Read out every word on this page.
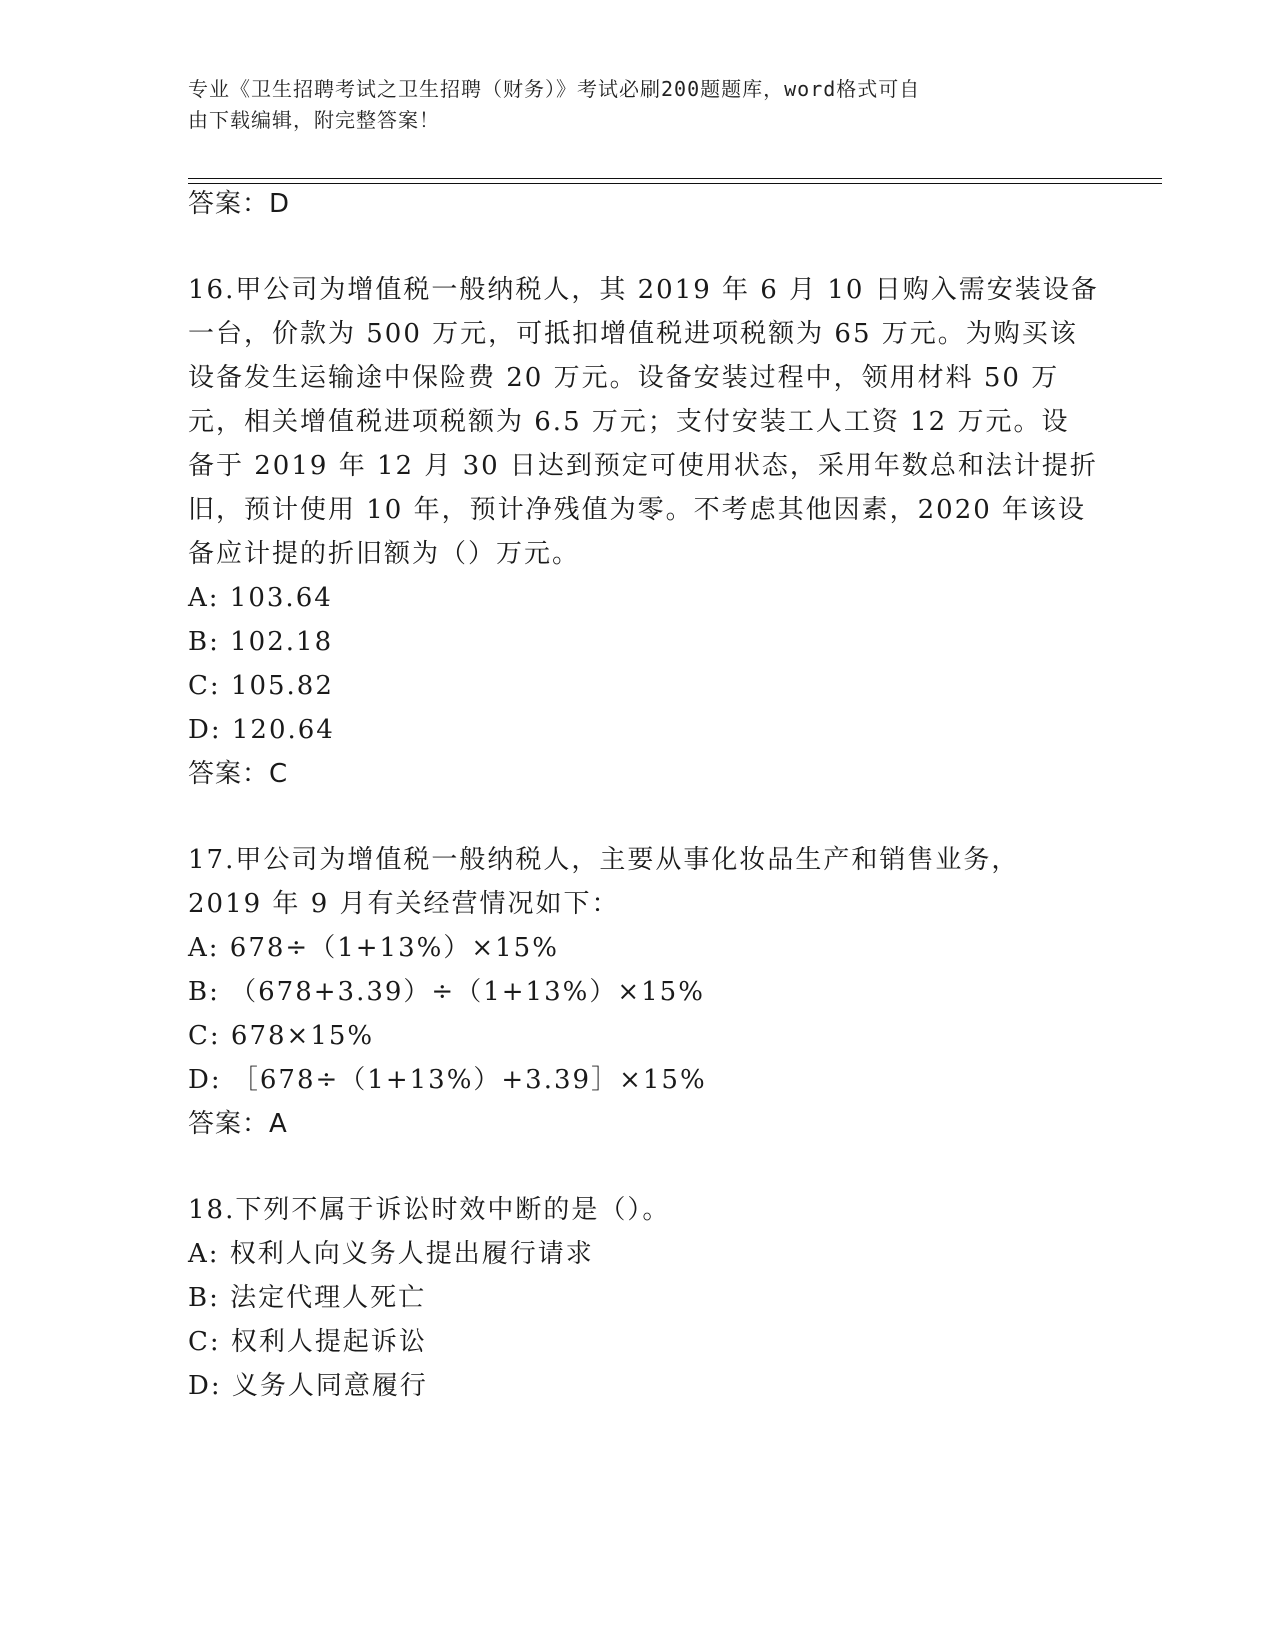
专业《卫生招聘考试之卫生招聘（财务）》考试必刷200题题库，word格式可自
由下载编辑，附完整答案！
答案：D
16.甲公司为增值税一般纳税人，其 2019 年 6 月 10 日购入需安装设备
一台，价款为 500 万元，可抵扣增值税进项税额为 65 万元。为购买该
设备发生运输途中保险费 20 万元。设备安装过程中，领用材料 50 万
元，相关增值税进项税额为 6.5 万元；支付安装工人工资 12 万元。设
备于 2019 年 12 月 30 日达到预定可使用状态，采用年数总和法计提折
旧，预计使用 10 年，预计净残值为零。不考虑其他因素，2020 年该设
备应计提的折旧额为（）万元。
A: 103.64
B: 102.18
C: 105.82
D: 120.64
答案：C
17.甲公司为增值税一般纳税人，主要从事化妆品生产和销售业务，
2019 年 9 月有关经营情况如下：
A: 678÷（1+13%）×15%
B: （678+3.39）÷（1+13%）×15%
C: 678×15%
D: ［678÷（1+13%）+3.39］×15%
答案：A
18.下列不属于诉讼时效中断的是（）。
A: 权利人向义务人提出履行请求
B: 法定代理人死亡
C: 权利人提起诉讼
D: 义务人同意履行
